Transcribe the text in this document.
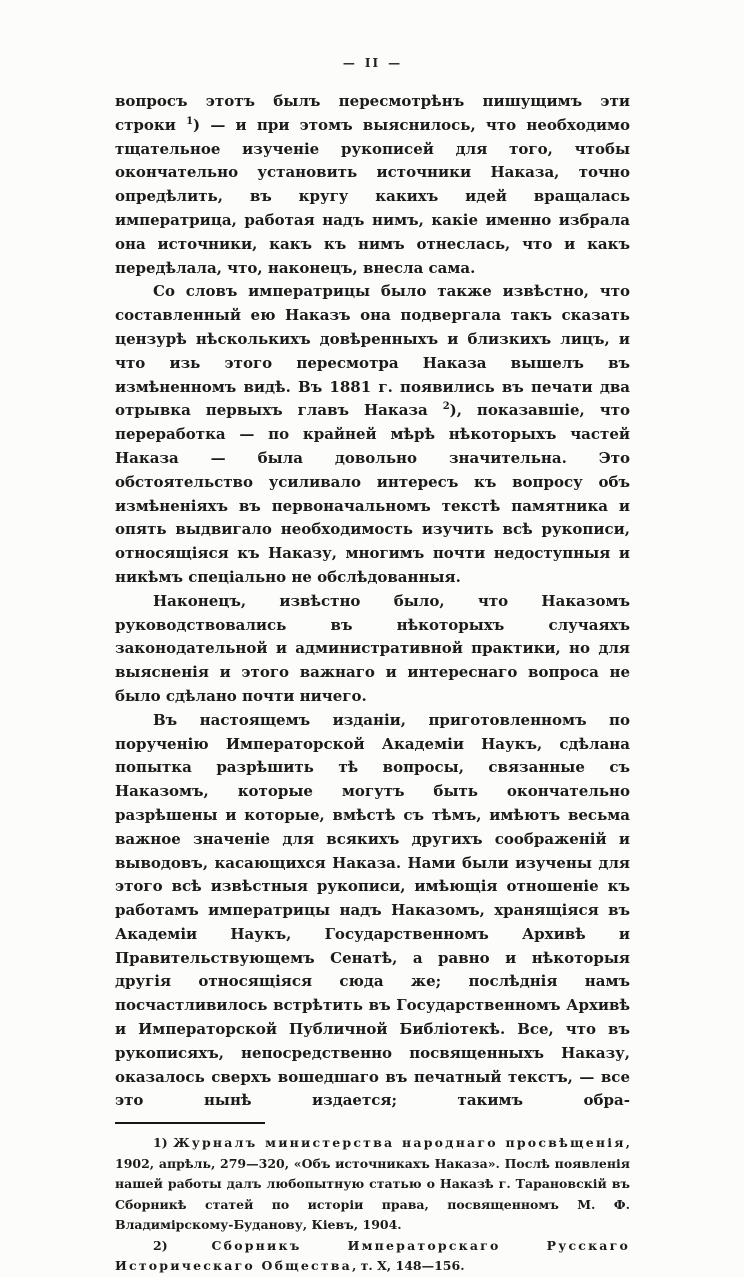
— II —

вопросъ этотъ былъ пересмотрѣнъ пишущимъ эти строки $^1$) — и при этомъ выяснилось, что необходимо тщательное изученіе рукописей для того, чтобы окончательно установить источники Наказа, точно опредѣлить, въ кругу какихъ идей вращалась императрица, работая надъ нимъ, какіе именно избрала она источники, какъ къ нимъ отнеслась, что и какъ передѣлала, что, наконецъ, внесла сама.

Со словъ императрицы было также извѣстно, что составленный ею Наказъ она подвергала такъ сказать цензурѣ нѣсколькихъ довѣренныхъ и близкихъ лицъ, и что изь этого пересмотра Наказа вышелъ въ измѣненномъ видѣ. Въ 1881 г. появились въ печати два отрывка первыхъ главъ Наказа $^2$), показавшіе, что переработка — по крайней мѣрѣ нѣкоторыхъ частей Наказа — была довольно значительна. Это обстоятельство усиливало интересъ къ вопросу объ измѣненіяхъ въ первоначальномъ текстѣ памятника и опять выдвигало необходимость изучить всѣ рукописи, относящіяся къ Наказу, многимъ почти недоступныя и никѣмъ спеціально не обслѣдованныя.

Наконецъ, извѣстно было, что Наказомъ руководствовались въ нѣкоторыхъ случаяхъ законодательной и административной практики, но для выясненія и этого важнаго и интереснаго вопроса не было сдѣлано почти ничего.

Въ настоящемъ изданіи, приготовленномъ по порученію Императорской Академіи Наукъ, сдѣлана попытка разрѣшить тѣ вопросы, связанные съ Наказомъ, которые могутъ быть окончательно разрѣшены и которые, вмѣстѣ съ тѣмъ, имѣютъ весьма важное значеніе для всякихъ другихъ соображеній и выводовъ, касающихся Наказа. Нами были изучены для этого всѣ извѣстныя рукописи, имѣющія отношеніе къ работамъ императрицы надъ Наказомъ, хранящіяся въ Академіи Наукъ, Государственномъ Архивѣ и Правительствующемъ Сенатѣ, а равно и нѣкоторыя другія относящіяся сюда же; послѣднія намъ посчастливилось встрѣтить въ Государственномъ Архивѣ и Императорской Публичной Библіотекѣ. Все, что въ рукописяхъ, непосредственно посвященныхъ Наказу, оказалось сверхъ вошедшаго въ печатный текстъ, — все это нынѣ издается; такимъ обра-

1) Журналъ министерства народнаго просвѣщенія, 1902, апрѣль, 279—320, «Объ источникахъ Наказа». Послѣ появленія нашей работы далъ любопытную статью о Наказѣ г. Тарановскій въ Сборникѣ статей по исторіи права, посвященномъ М. Ф. Владимірскому-Буданову, Кіевъ, 1904.

2) Сборникъ Императорскаго Русскаго Историческаго Общества, т. X, 148—156.
